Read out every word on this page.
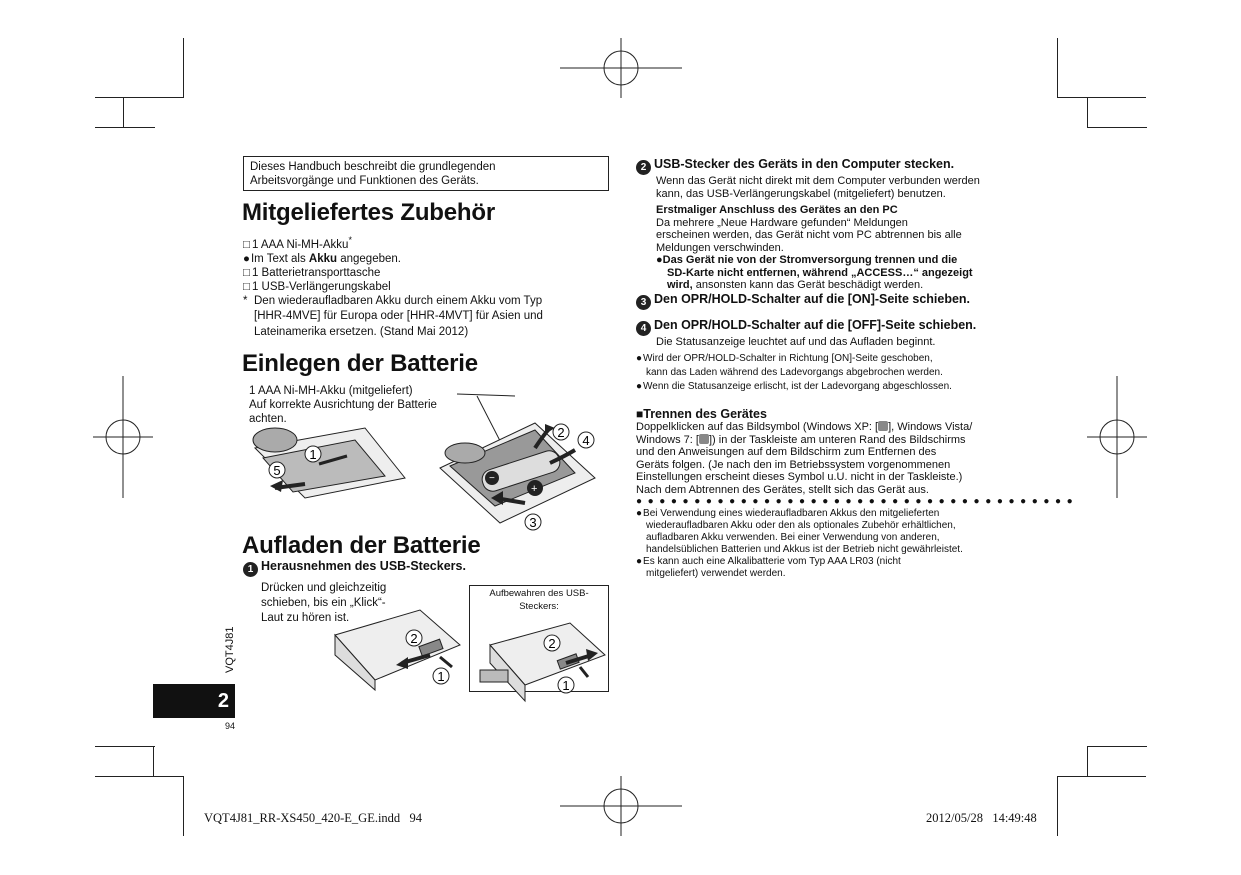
Dieses Handbuch beschreibt die grundlegenden
Arbeitsvorgänge und Funktionen des Geräts.
Mitgeliefertes Zubehör
□ 1 AAA Ni-MH-Akku*
● Im Text als Akku angegeben.
□ 1 Batterietransporttasche
□ 1 USB-Verlängerungskabel
* Den wiederaufladbaren Akku durch einem Akku vom Typ
[HHR-4MVE] für Europa oder [HHR-4MVT] für Asien und
Lateinamerika ersetzen. (Stand Mai 2012)
Einlegen der Batterie
1 AAA Ni-MH-Akku (mitgeliefert)
Auf korrekte Ausrichtung der Batterie
achten.
−
+
1
5
2
4
3
Aufladen der Batterie
1 Herausnehmen des USB-Steckers.
Drücken und gleichzeitig
schieben, bis ein „Klick“-
Laut zu hören ist.
2
1
Aufbewahren des USB-Steckers:
2
1
VQT4J81
2
94
2 USB-Stecker des Geräts in den Computer stecken.
Wenn das Gerät nicht direkt mit dem Computer verbunden werden
kann, das USB-Verlängerungskabel (mitgeliefert) benutzen.
Erstmaliger Anschluss des Gerätes an den PC
Da mehrere „Neue Hardware gefunden“ Meldungen
erscheinen werden, das Gerät nicht vom PC abtrennen bis alle
Meldungen verschwinden.
●Das Gerät nie von der Stromversorgung trennen und die
SD-Karte nicht entfernen, während „ACCESS…“ angezeigt
wird, ansonsten kann das Gerät beschädigt werden.
3 Den OPR/HOLD-Schalter auf die [ON]-Seite schieben.
4 Den OPR/HOLD-Schalter auf die [OFF]-Seite schieben.
Die Statusanzeige leuchtet auf und das Aufladen beginnt.
● Wird der OPR/HOLD-Schalter in Richtung [ON]-Seite geschoben,
kann das Laden während des Ladevorgangs abgebrochen werden.
● Wenn die Statusanzeige erlischt, ist der Ladevorgang abgeschlossen.
■Trennen des Gerätes
Doppelklicken auf das Bildsymbol (Windows XP: [ ], Windows Vista/
Windows 7: [ ]) in der Taskleiste am unteren Rand des Bildschirms
und den Anweisungen auf dem Bildschirm zum Entfernen des
Geräts folgen. (Je nach den im Betriebssystem vorgenommenen
Einstellungen erscheint dieses Symbol u.U. nicht in der Taskleiste.)
Nach dem Abtrennen des Gerätes, stellt sich das Gerät aus.
●●●●●●●●●●●●●●●●●●●●●●●●●●●●●●●●●●●●●●
● Bei Verwendung eines wiederaufladbaren Akkus den mitgelieferten
wiederaufladbaren Akku oder den als optionales Zubehör erhältlichen,
aufladbaren Akku verwenden. Bei einer Verwendung von anderen,
handelsüblichen Batterien und Akkus ist der Betrieb nicht gewährleistet.
● Es kann auch eine Alkalibatterie vom Typ AAA LR03 (nicht
mitgeliefert) verwendet werden.
VQT4J81_RR-XS450_420-E_GE.indd   94	2012/05/28   14:49:48
